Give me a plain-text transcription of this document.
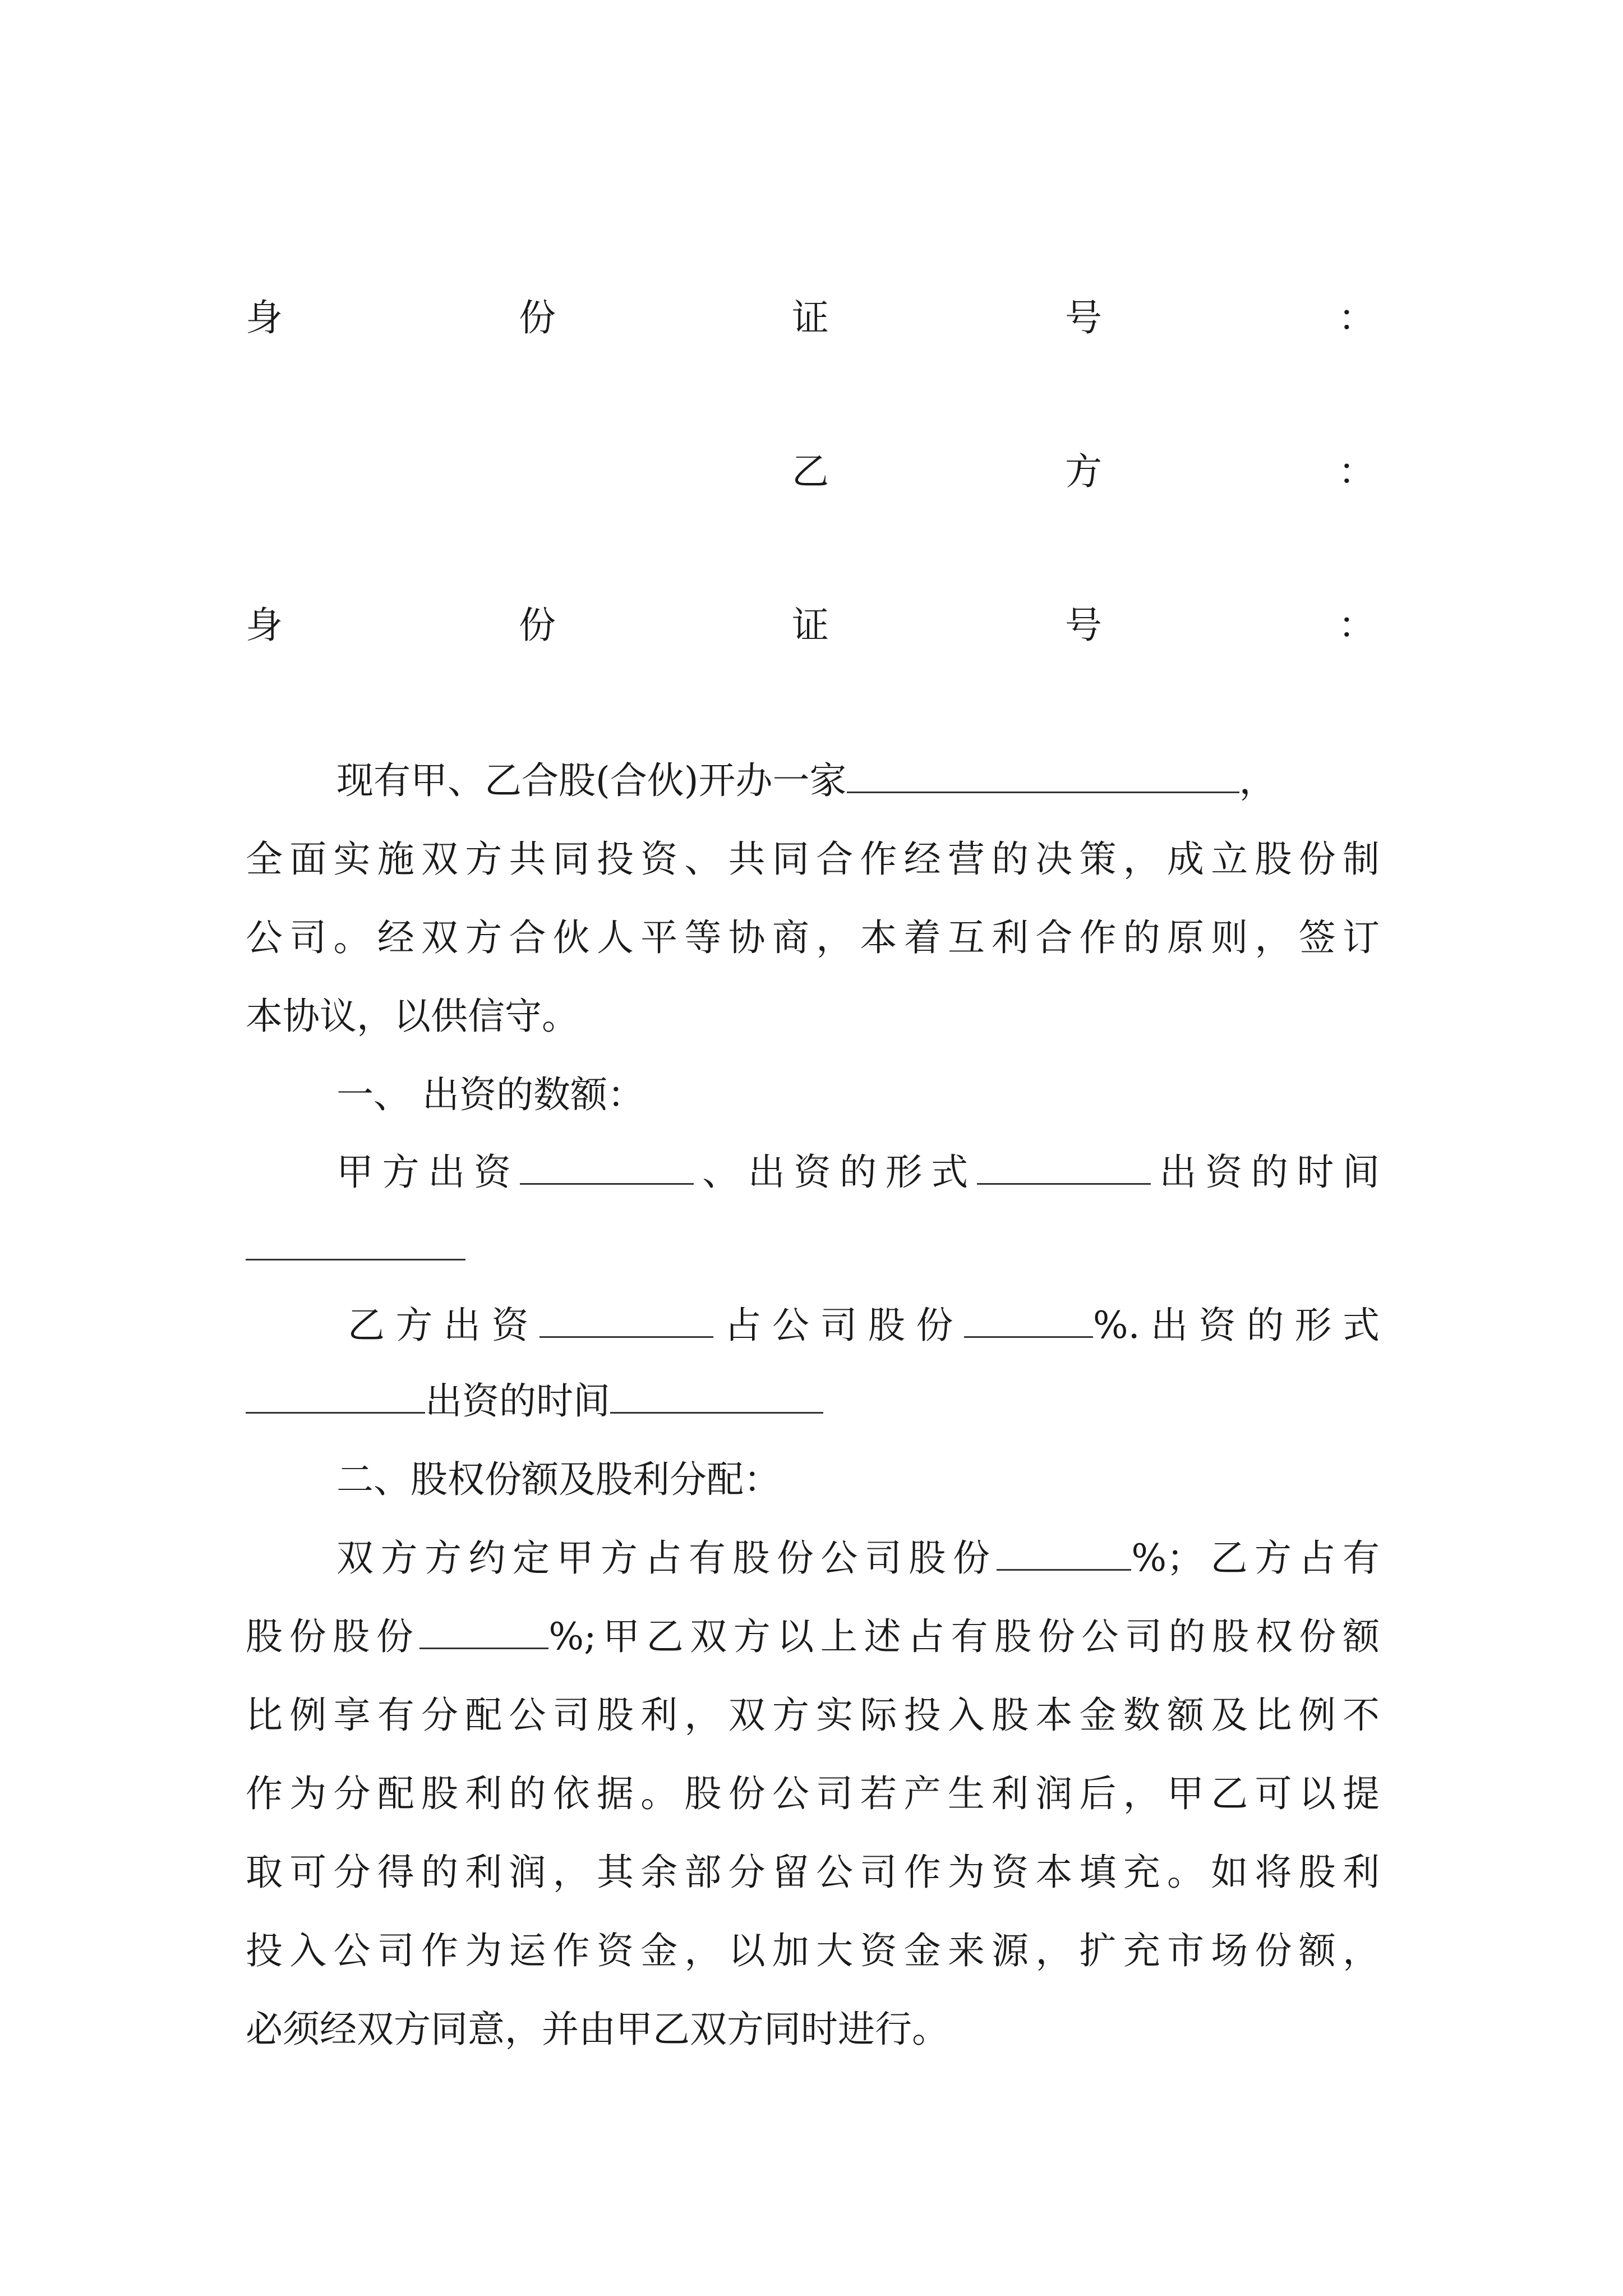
身	份	证	号	：
乙	方	：
身	份	证	号	：
现有甲、乙合股(合伙)开办一家	，
全面实施双方共同投资、共同合作经营的决策，成立股份制
公司。经双方合伙人平等协商，本着互利合作的原则，签订
本协议，以供信守。
一、 出资的数额：
甲方出资	、出资的形式	出资的时间
乙方出资	占公司股份	%.出资的形式
出资的时间
二、股权份额及股利分配：
双方方约定甲方占有股份公司股份	%；乙方占有
股份股份	%;甲乙双方以上述占有股份公司的股权份额
比例享有分配公司股利，双方实际投入股本金数额及比例不
作为分配股利的依据。股份公司若产生利润后，甲乙可以提
取可分得的利润，其余部分留公司作为资本填充。如将股利
投入公司作为运作资金，以加大资金来源，扩充市场份额，
必须经双方同意，并由甲乙双方同时进行。
